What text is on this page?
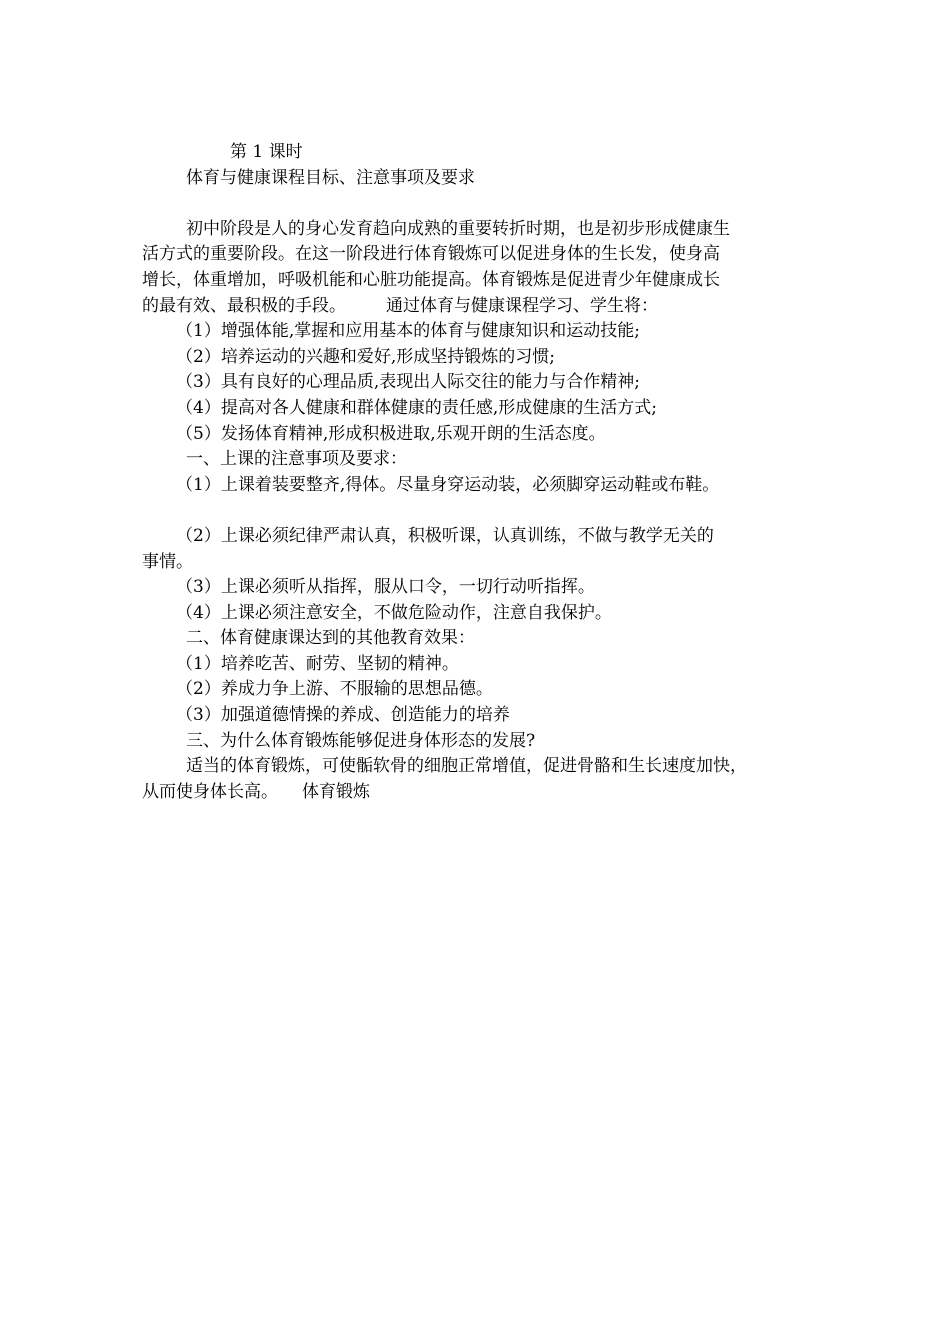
第 1 课时
体育与健康课程目标、注意事项及要求
初中阶段是人的身心发育趋向成熟的重要转折时期，也是初步形成健康生
活方式的重要阶段。在这一阶段进行体育锻炼可以促进身体的生长发，使身高
增长，体重增加，呼吸机能和心脏功能提高。体育锻炼是促进青少年健康成长
的最有效、最积极的手段。 通过体育与健康课程学习、学生将：
（1）增强体能,掌握和应用基本的体育与健康知识和运动技能;
（2）培养运动的兴趣和爱好,形成坚持锻炼的习惯;
（3）具有良好的心理品质,表现出人际交往的能力与合作精神;
（4）提高对各人健康和群体健康的责任感,形成健康的生活方式;
（5）发扬体育精神,形成积极进取,乐观开朗的生活态度。
一、上课的注意事项及要求：
（1）上课着装要整齐,得体。尽量身穿运动装，必须脚穿运动鞋或布鞋。
（2）上课必须纪律严肃认真，积极听课，认真训练，不做与教学无关的
事情。
（3）上课必须听从指挥，服从口令，一切行动听指挥。
（4）上课必须注意安全，不做危险动作，注意自我保护。
二、体育健康课达到的其他教育效果：
（1）培养吃苦、耐劳、坚韧的精神。
（2）养成力争上游、不服输的思想品德。
（3）加强道德情操的养成、创造能力的培养
三、为什么体育锻炼能够促进身体形态的发展?
适当的体育锻炼，可使骺软骨的细胞正常增值，促进骨骼和生长速度加快，
从而使身体长高。 体育锻炼
